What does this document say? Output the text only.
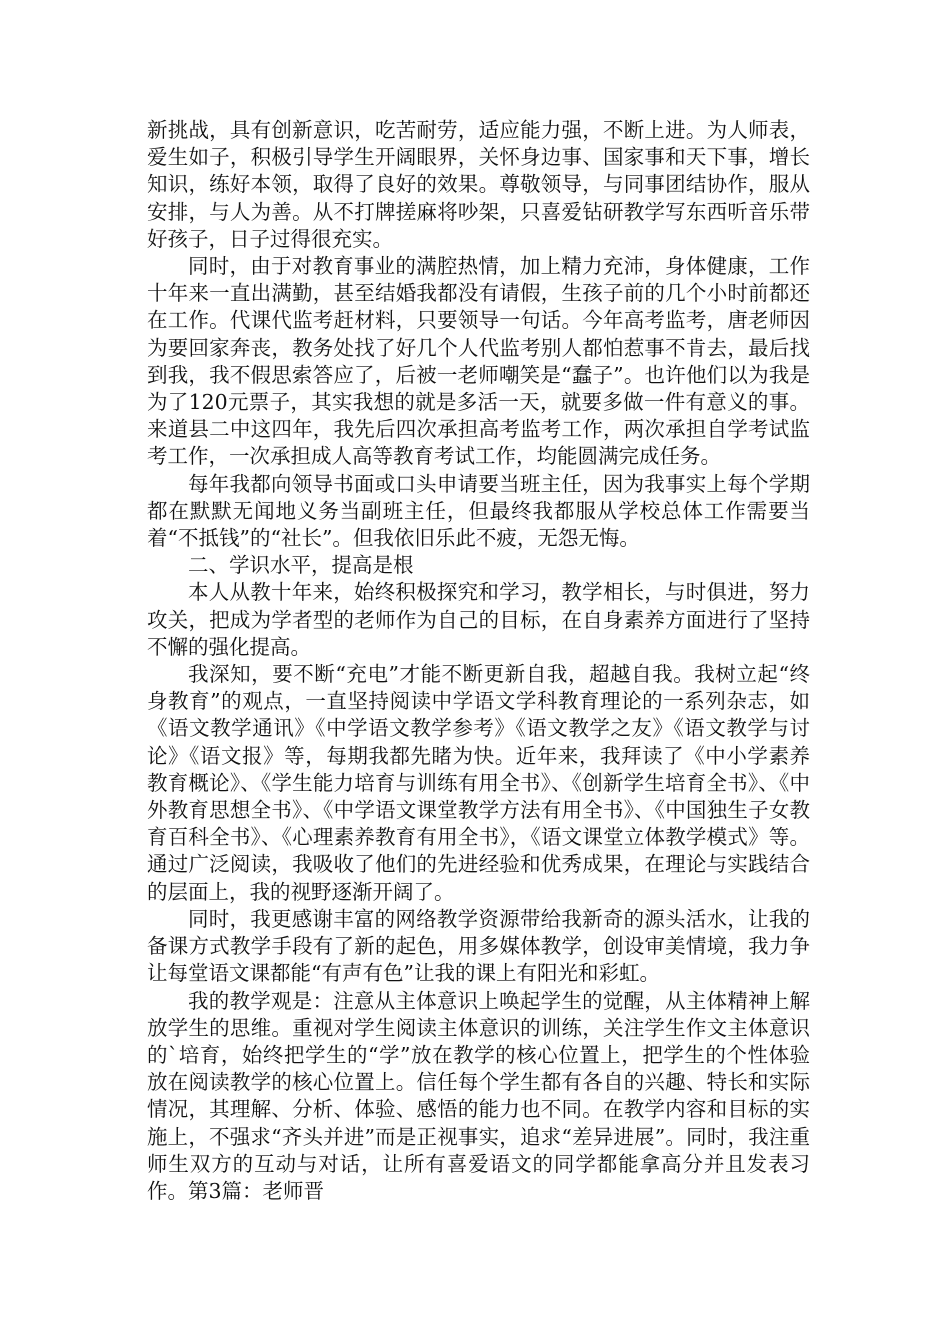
新挑战，具有创新意识，吃苦耐劳，适应能力强，不断上进。为人师表，爱生如子，积极引导学生开阔眼界，关怀身边事、国家事和天下事，增长知识，练好本领，取得了良好的效果。尊敬领导，与同事团结协作，服从安排，与人为善。从不打牌搓麻将吵架，只喜爱钻研教学写东西听音乐带好孩子，日子过得很充实。

同时，由于对教育事业的满腔热情，加上精力充沛，身体健康，工作十年来一直出满勤，甚至结婚我都没有请假，生孩子前的几个小时前都还在工作。代课代监考赶材料，只要领导一句话。今年高考监考，唐老师因为要回家奔丧，教务处找了好几个人代监考别人都怕惹事不肯去，最后找到我，我不假思索答应了，后被一老师嘲笑是“蠢子”。也许他们以为我是为了120元票子，其实我想的就是多活一天，就要多做一件有意义的事。来道县二中这四年，我先后四次承担高考监考工作，两次承担自学考试监考工作，一次承担成人高等教育考试工作，均能圆满完成任务。

每年我都向领导书面或口头申请要当班主任，因为我事实上每个学期都在默默无闻地义务当副班主任，但最终我都服从学校总体工作需要当着“不抵钱”的“社长”。但我依旧乐此不疲，无怨无悔。

二、学识水平，提高是根

本人从教十年来，始终积极探究和学习，教学相长，与时俱进，努力攻关，把成为学者型的老师作为自己的目标，在自身素养方面进行了坚持不懈的强化提高。

我深知，要不断“充电”才能不断更新自我，超越自我。我树立起“终身教育”的观点，一直坚持阅读中学语文学科教育理论的一系列杂志，如《语文教学通讯》《中学语文教学参考》《语文教学之友》《语文教学与讨论》《语文报》等，每期我都先睹为快。近年来，我拜读了《中小学素养教育概论》、《学生能力培育与训练有用全书》、《创新学生培育全书》、《中外教育思想全书》、《中学语文课堂教学方法有用全书》、《中国独生子女教育百科全书》、《心理素养教育有用全书》，《语文课堂立体教学模式》等。通过广泛阅读，我吸收了他们的先进经验和优秀成果，在理论与实践结合的层面上，我的视野逐渐开阔了。

同时，我更感谢丰富的网络教学资源带给我新奇的源头活水，让我的备课方式教学手段有了新的起色，用多媒体教学，创设审美情境，我力争让每堂语文课都能“有声有色”让我的课上有阳光和彩虹。

我的教学观是：注意从主体意识上唤起学生的觉醒，从主体精神上解放学生的思维。重视对学生阅读主体意识的训练，关注学生作文主体意识的`培育，始终把学生的“学”放在教学的核心位置上，把学生的个性体验放在阅读教学的核心位置上。信任每个学生都有各自的兴趣、特长和实际情况，其理解、分析、体验、感悟的能力也不同。在教学内容和目标的实施上，不强求“齐头并进”而是正视事实，追求“差异进展”。同时，我注重师生双方的互动与对话，让所有喜爱语文的同学都能拿高分并且发表习作。第3篇：老师晋
